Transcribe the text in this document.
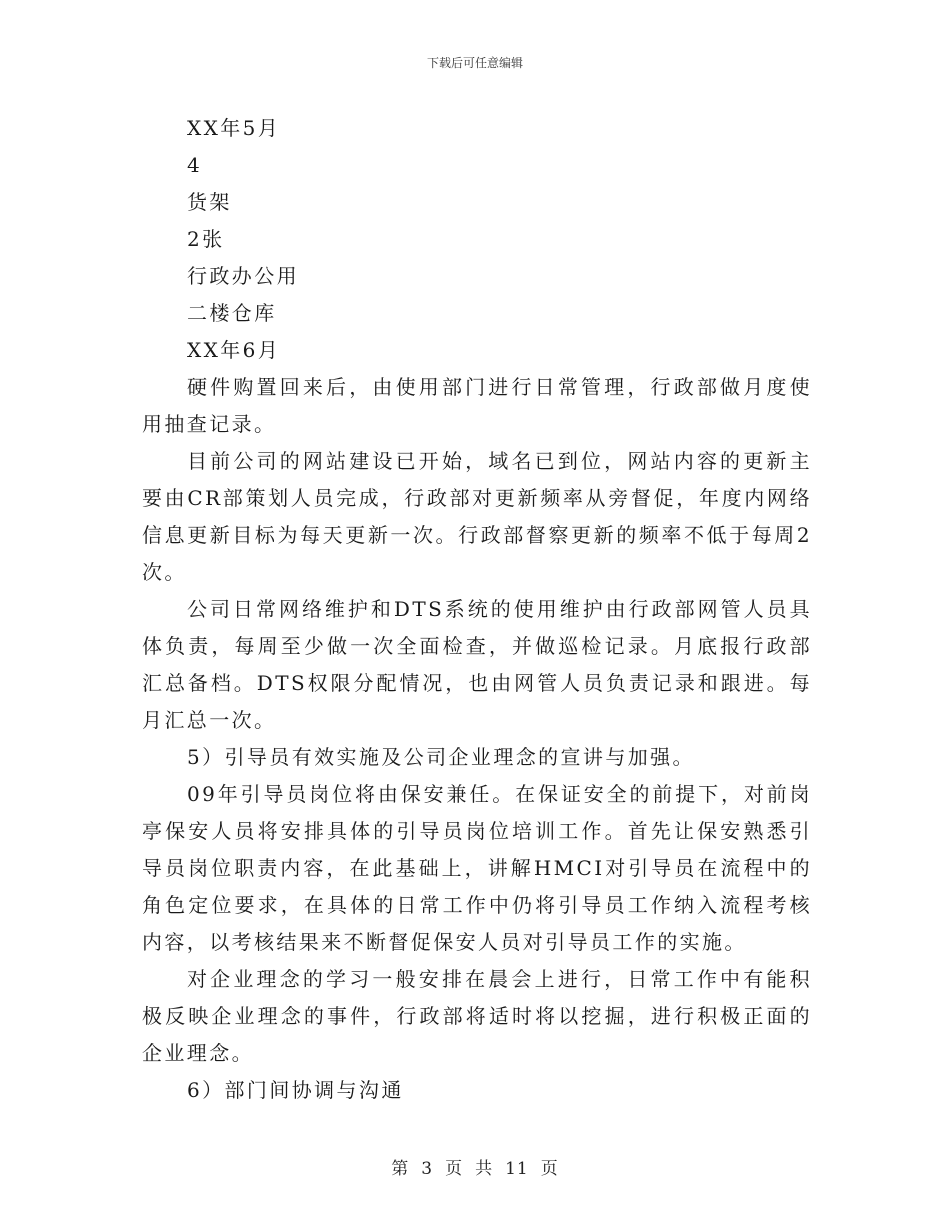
下载后可任意编辑

XX年5月

4

货架

2张

行政办公用

二楼仓库

XX年6月

硬件购置回来后，由使用部门进行日常管理，行政部做月度使用抽查记录。

目前公司的网站建设已开始，域名已到位，网站内容的更新主要由CR部策划人员完成，行政部对更新频率从旁督促，年度内网络信息更新目标为每天更新一次。行政部督察更新的频率不低于每周2次。

公司日常网络维护和DTS系统的使用维护由行政部网管人员具体负责，每周至少做一次全面检查，并做巡检记录。月底报行政部汇总备档。DTS权限分配情况，也由网管人员负责记录和跟进。每月汇总一次。

5）引导员有效实施及公司企业理念的宣讲与加强。

09年引导员岗位将由保安兼任。在保证安全的前提下，对前岗亭保安人员将安排具体的引导员岗位培训工作。首先让保安熟悉引导员岗位职责内容，在此基础上，讲解HMCI对引导员在流程中的角色定位要求，在具体的日常工作中仍将引导员工作纳入流程考核内容，以考核结果来不断督促保安人员对引导员工作的实施。

对企业理念的学习一般安排在晨会上进行，日常工作中有能积极反映企业理念的事件，行政部将适时将以挖掘，进行积极正面的企业理念。

6）部门间协调与沟通

第 3 页 共 11 页
